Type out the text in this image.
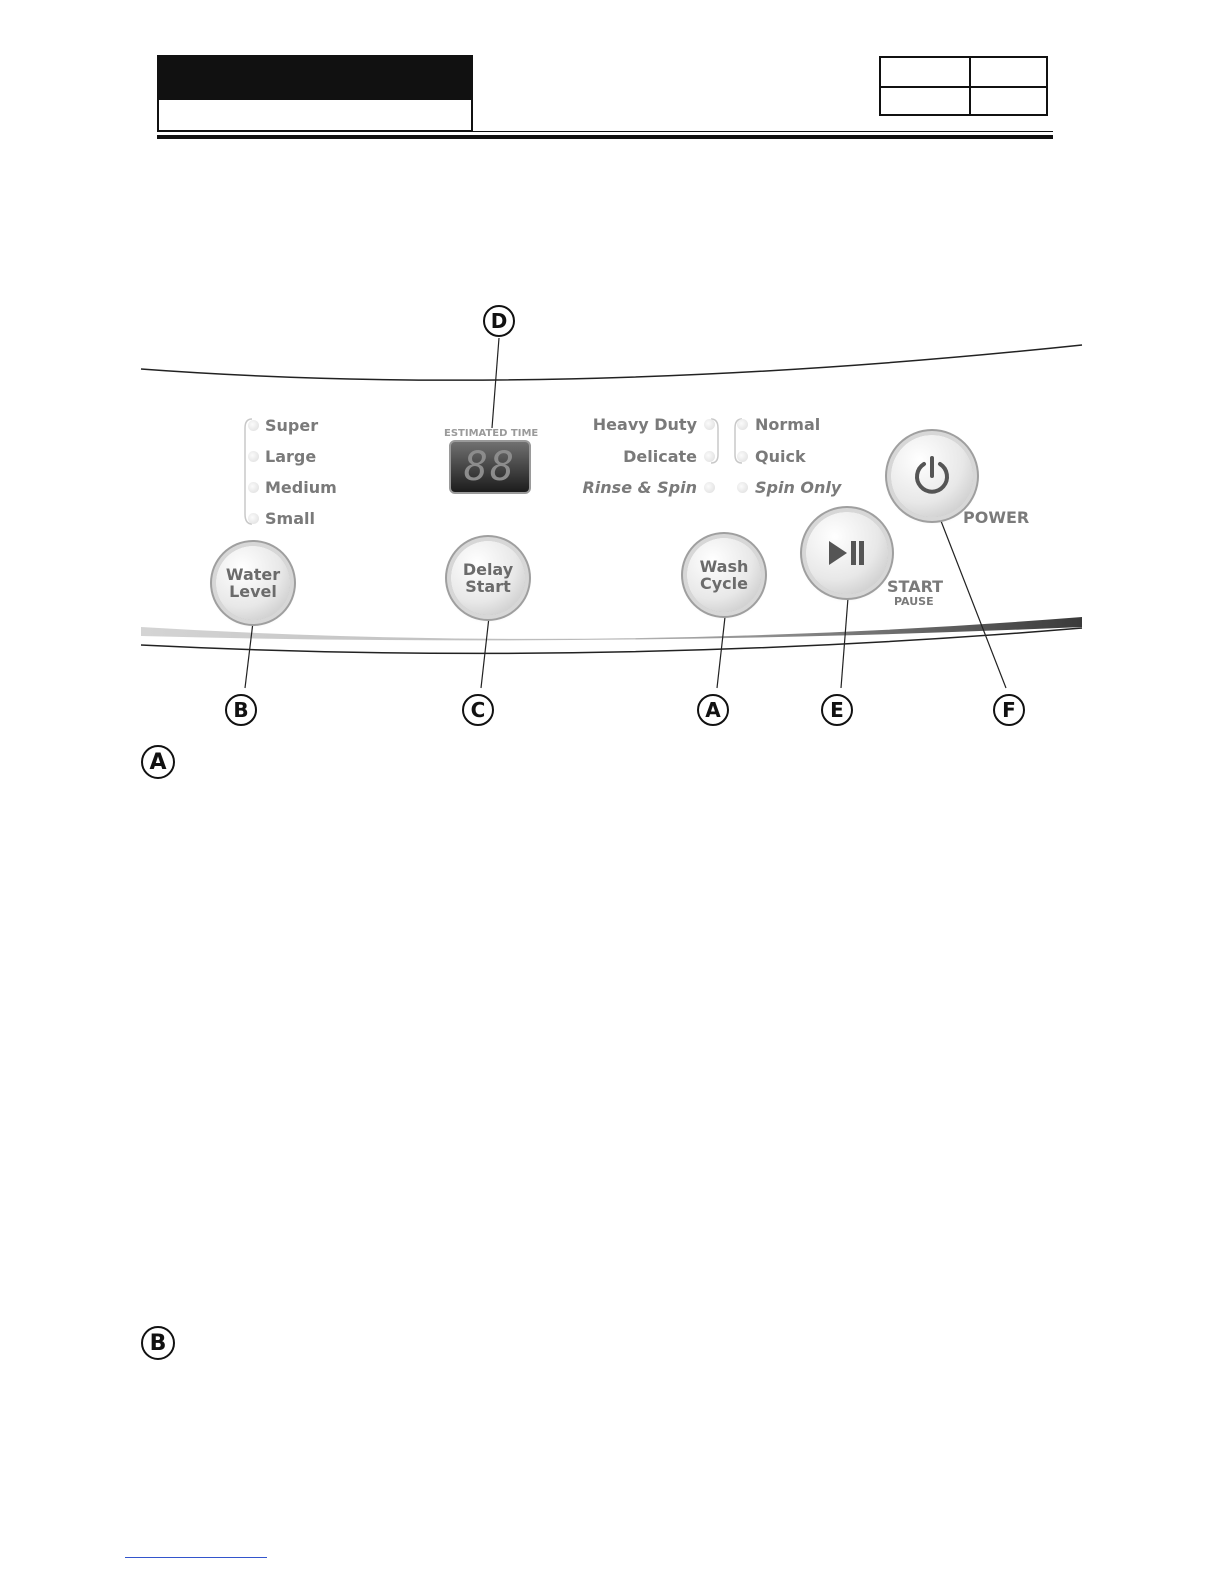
Super
Large
Medium
Small
ESTIMATED TIME
88
Heavy Duty
Delicate
Rinse & Spin
Normal
Quick
Spin Only
Water
Level
Delay
Start
Wash
Cycle	START
PAUSE
POWER
D
B	C	A	E	F
A
B
